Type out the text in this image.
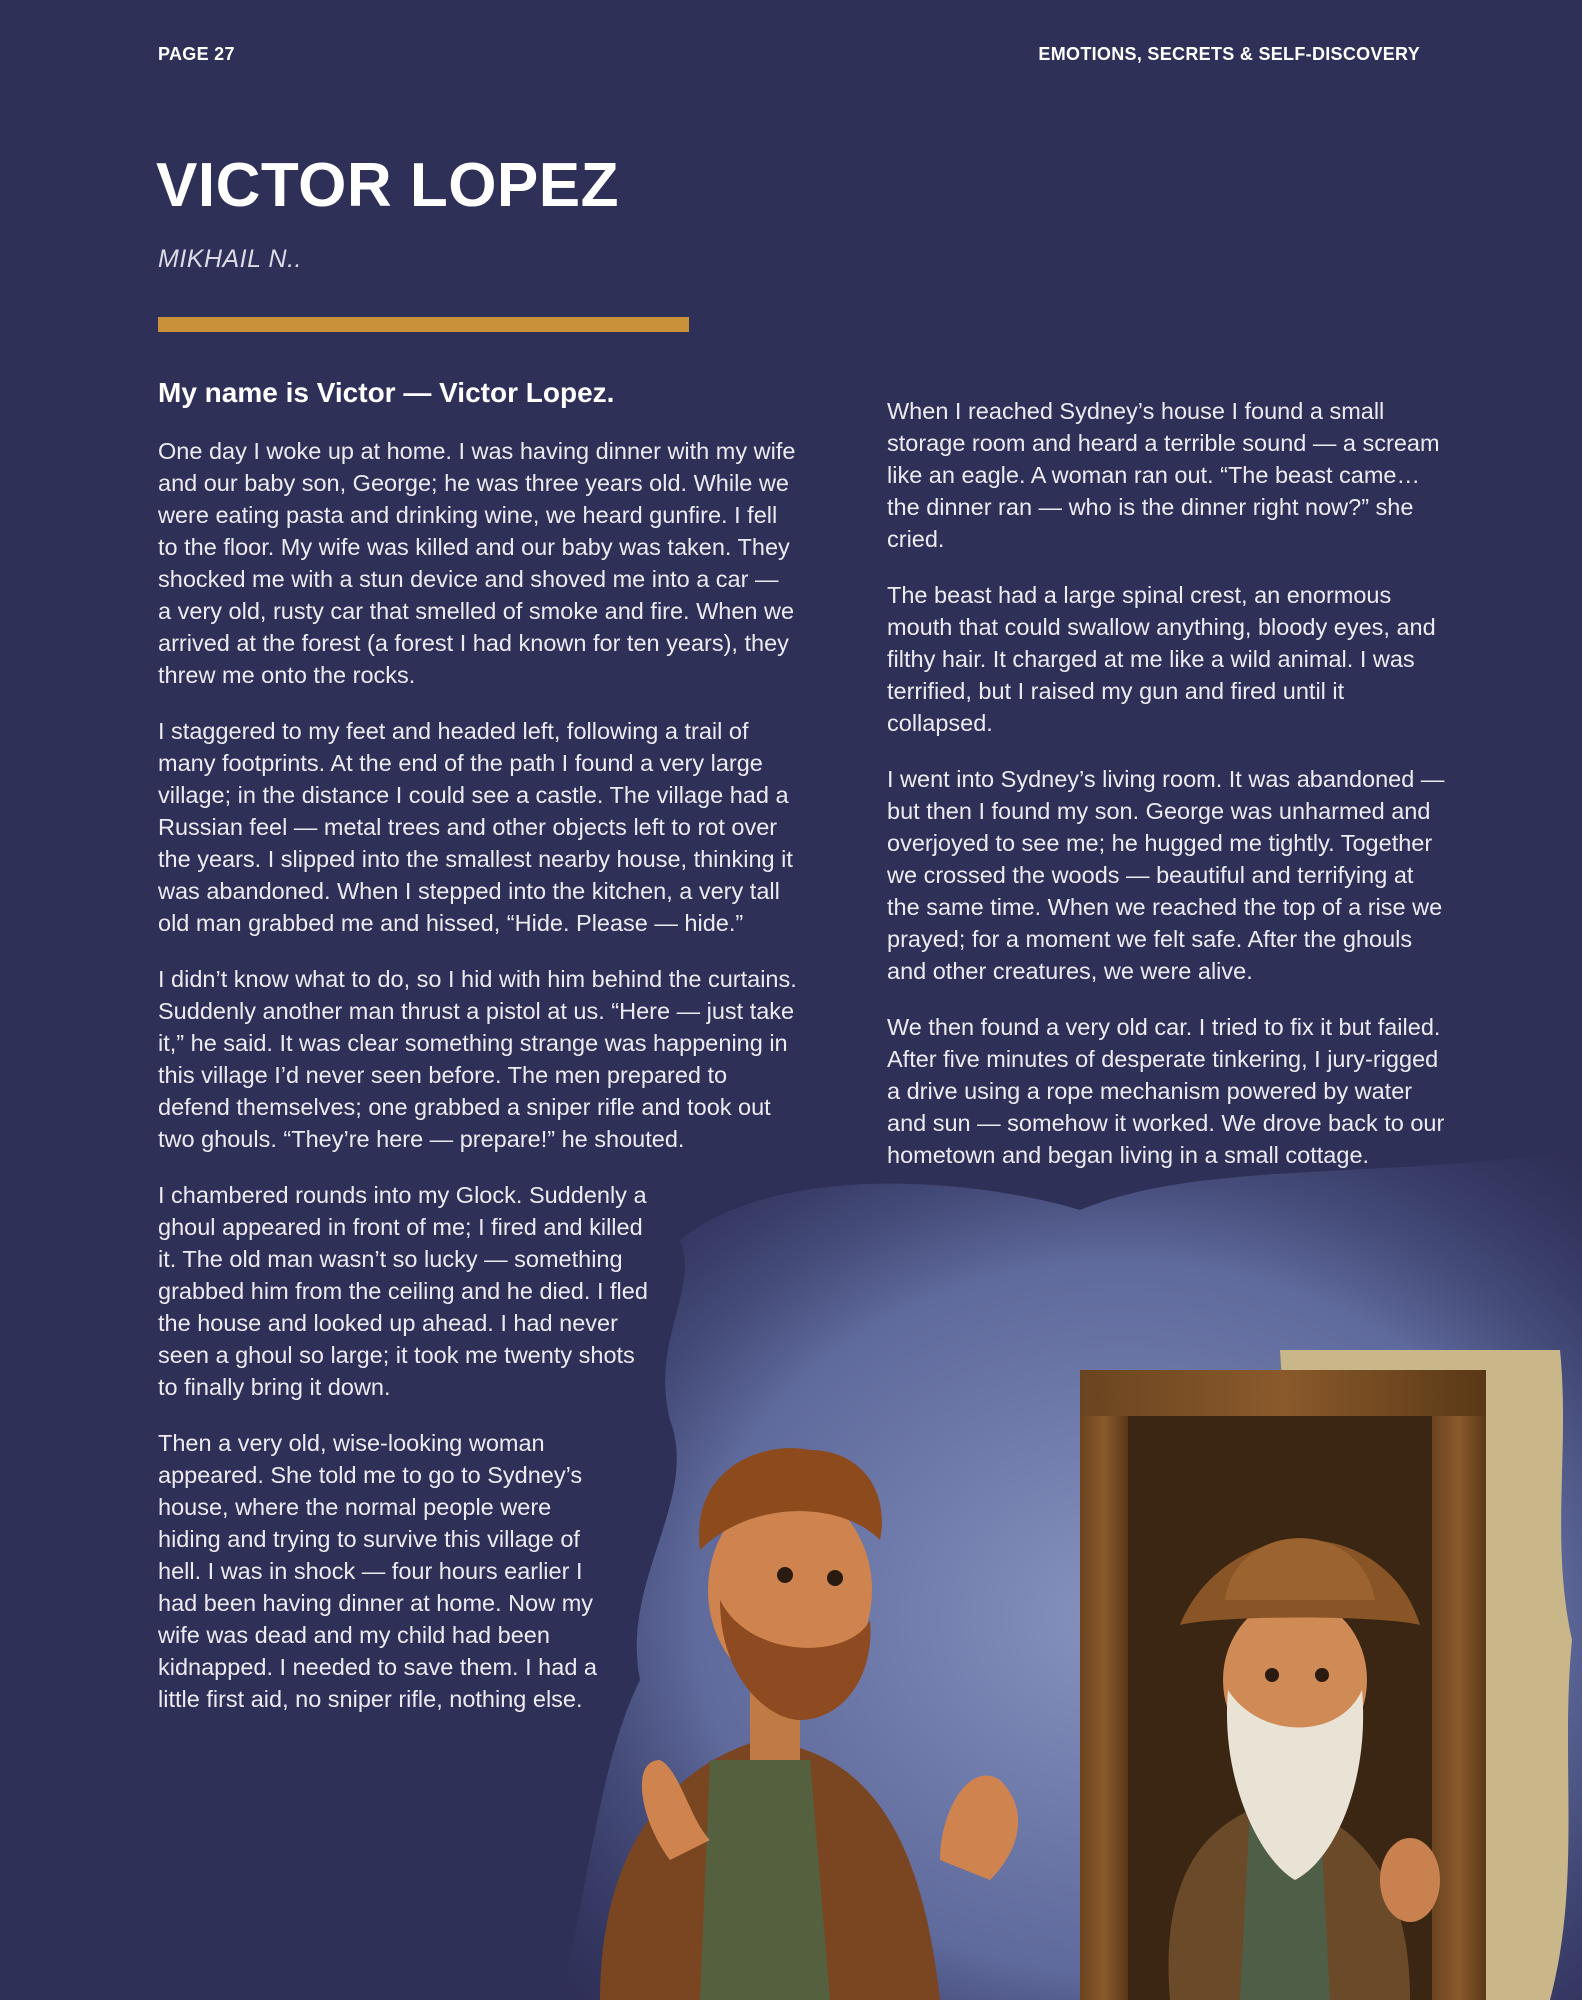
PAGE 27	EMOTIONS, SECRETS & SELF-DISCOVERY
VICTOR LOPEZ
MIKHAIL N..

My name is Victor — Victor Lopez.

One day I woke up at home. I was having dinner with my wife and our baby son, George; he was three years old. While we were eating pasta and drinking wine, we heard gunfire. I fell to the floor. My wife was killed and our baby was taken. They shocked me with a stun device and shoved me into a car — a very old, rusty car that smelled of smoke and fire. When we arrived at the forest (a forest I had known for ten years), they threw me onto the rocks.

I staggered to my feet and headed left, following a trail of many footprints. At the end of the path I found a very large village; in the distance I could see a castle. The village had a Russian feel — metal trees and other objects left to rot over the years. I slipped into the smallest nearby house, thinking it was abandoned. When I stepped into the kitchen, a very tall old man grabbed me and hissed, “Hide. Please — hide.”

I didn’t know what to do, so I hid with him behind the curtains. Suddenly another man thrust a pistol at us. “Here — just take it,” he said. It was clear something strange was happening in this village I’d never seen before. The men prepared to defend themselves; one grabbed a sniper rifle and took out two ghouls. “They’re here — prepare!” he shouted.

I chambered rounds into my Glock. Suddenly a ghoul appeared in front of me; I fired and killed it. The old man wasn’t so lucky — something grabbed him from the ceiling and he died. I fled the house and looked up ahead. I had never seen a ghoul so large; it took me twenty shots to finally bring it down.

Then a very old, wise-looking woman appeared. She told me to go to Sydney’s house, where the normal people were hiding and trying to survive this village of hell. I was in shock — four hours earlier I had been having dinner at home. Now my wife was dead and my child had been kidnapped. I needed to save them. I had a little first aid, no sniper rifle, nothing else.

When I reached Sydney’s house I found a small storage room and heard a terrible sound — a scream like an eagle. A woman ran out. “The beast came… the dinner ran — who is the dinner right now?” she cried.

The beast had a large spinal crest, an enormous mouth that could swallow anything, bloody eyes, and filthy hair. It charged at me like a wild animal. I was terrified, but I raised my gun and fired until it collapsed.

I went into Sydney’s living room. It was abandoned — but then I found my son. George was unharmed and overjoyed to see me; he hugged me tightly. Together we crossed the woods — beautiful and terrifying at the same time. When we reached the top of a rise we prayed; for a moment we felt safe. After the ghouls and other creatures, we were alive.

We then found a very old car. I tried to fix it but failed. After five minutes of desperate tinkering, I jury-rigged a drive using a rope mechanism powered by water and sun — somehow it worked. We drove back to our hometown and began living in a small cottage.
